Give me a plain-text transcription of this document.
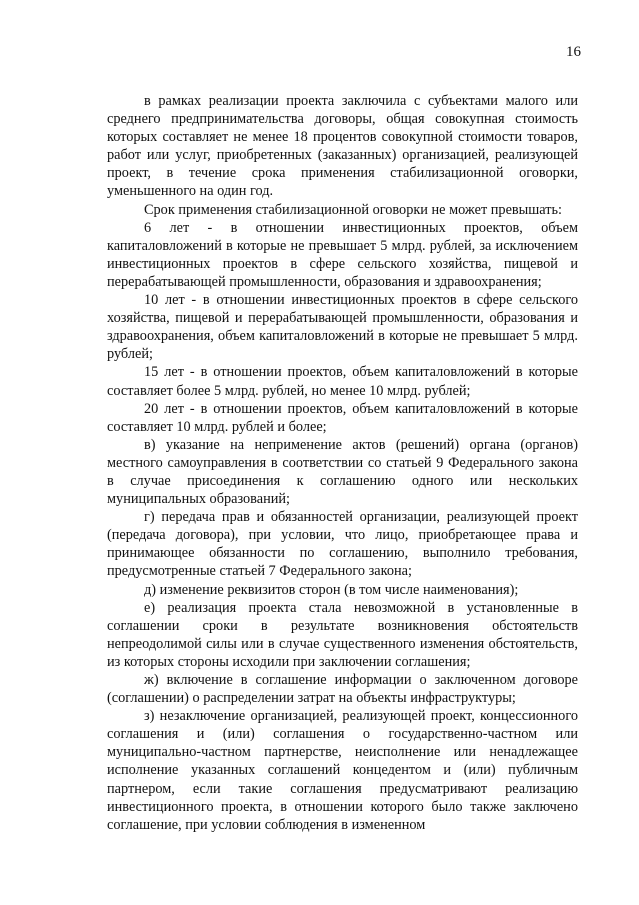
16

в рамках реализации проекта заключила с субъектами малого или среднего предпринимательства договоры, общая совокупная стоимость которых составляет не менее 18 процентов совокупной стоимости товаров, работ или услуг, приобретенных (заказанных) организацией, реализующей проект, в течение срока применения стабилизационной оговорки, уменьшенного на один год.

Срок применения стабилизационной оговорки не может превышать:

6 лет - в отношении инвестиционных проектов, объем капиталовложений в которые не превышает 5 млрд. рублей, за исключением инвестиционных проектов в сфере сельского хозяйства, пищевой и перерабатывающей промышленности, образования и здравоохранения;

10 лет - в отношении инвестиционных проектов в сфере сельского хозяйства, пищевой и перерабатывающей промышленности, образования и здравоохранения, объем капиталовложений в которые не превышает 5 млрд. рублей;

15 лет - в отношении проектов, объем капиталовложений в которые составляет более 5 млрд. рублей, но менее 10 млрд. рублей;

20 лет - в отношении проектов, объем капиталовложений в которые составляет 10 млрд. рублей и более;

в) указание на неприменение актов (решений) органа (органов) местного самоуправления в соответствии со статьей 9 Федерального закона в случае присоединения к соглашению одного или нескольких муниципальных образований;

г) передача прав и обязанностей организации, реализующей проект (передача договора), при условии, что лицо, приобретающее права и принимающее обязанности по соглашению, выполнило требования, предусмотренные статьей 7 Федерального закона;

д) изменение реквизитов сторон (в том числе наименования);

е) реализация проекта стала невозможной в установленные в соглашении сроки в результате возникновения обстоятельств непреодолимой силы или в случае существенного изменения обстоятельств, из которых стороны исходили при заключении соглашения;

ж) включение в соглашение информации о заключенном договоре (соглашении) о распределении затрат на объекты инфраструктуры;

з) незаключение организацией, реализующей проект, концессионного соглашения и (или) соглашения о государственно-частном или муниципально-частном партнерстве, неисполнение или ненадлежащее исполнение указанных соглашений концедентом и (или) публичным партнером, если такие соглашения предусматривают реализацию инвестиционного проекта, в отношении которого было также заключено соглашение, при условии соблюдения в измененном
